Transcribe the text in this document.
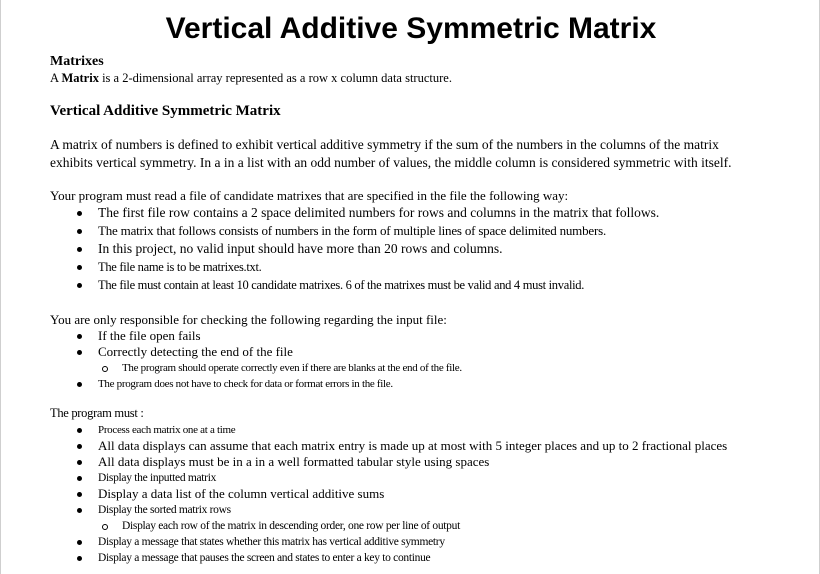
Vertical Additive Symmetric Matrix
Matrixes
A Matrix is a 2-dimensional array represented as a row x column data structure.
Vertical Additive Symmetric Matrix
A matrix of numbers is defined to exhibit vertical additive symmetry if the sum of the numbers in the columns of the matrix
exhibits vertical symmetry. In a in a list with an odd number of values, the middle column is considered symmetric with itself.
Your program must read a file of candidate matrixes that are specified in the file the following way:
The first file row contains a 2 space delimited numbers for rows and columns in the matrix that follows.
The matrix that follows consists of numbers in the form of multiple lines of space delimited numbers.
In this project, no valid input should have more than 20 rows and columns.
The file name is to be matrixes.txt.
The file must contain at least 10 candidate matrixes. 6 of the matrixes must be valid and 4 must invalid.
You are only responsible for checking the following regarding the input file:
If the file open fails
Correctly detecting the end of the file
The program should operate correctly even if there are blanks at the end of the file.
The program does not have to check for data or format errors in the file.
The program must :
Process each matrix one at a time
All data displays can assume that each matrix entry is made up at most with 5 integer places and up to 2 fractional places
All data displays must be in a in a well formatted tabular style using spaces
Display the inputted matrix
Display a data list of the column vertical additive sums
Display the sorted matrix rows
Display each row of the matrix in descending order, one row per line of output
Display a message that states whether this matrix has vertical additive symmetry
Display a message that pauses the screen and states to enter a key to continue
